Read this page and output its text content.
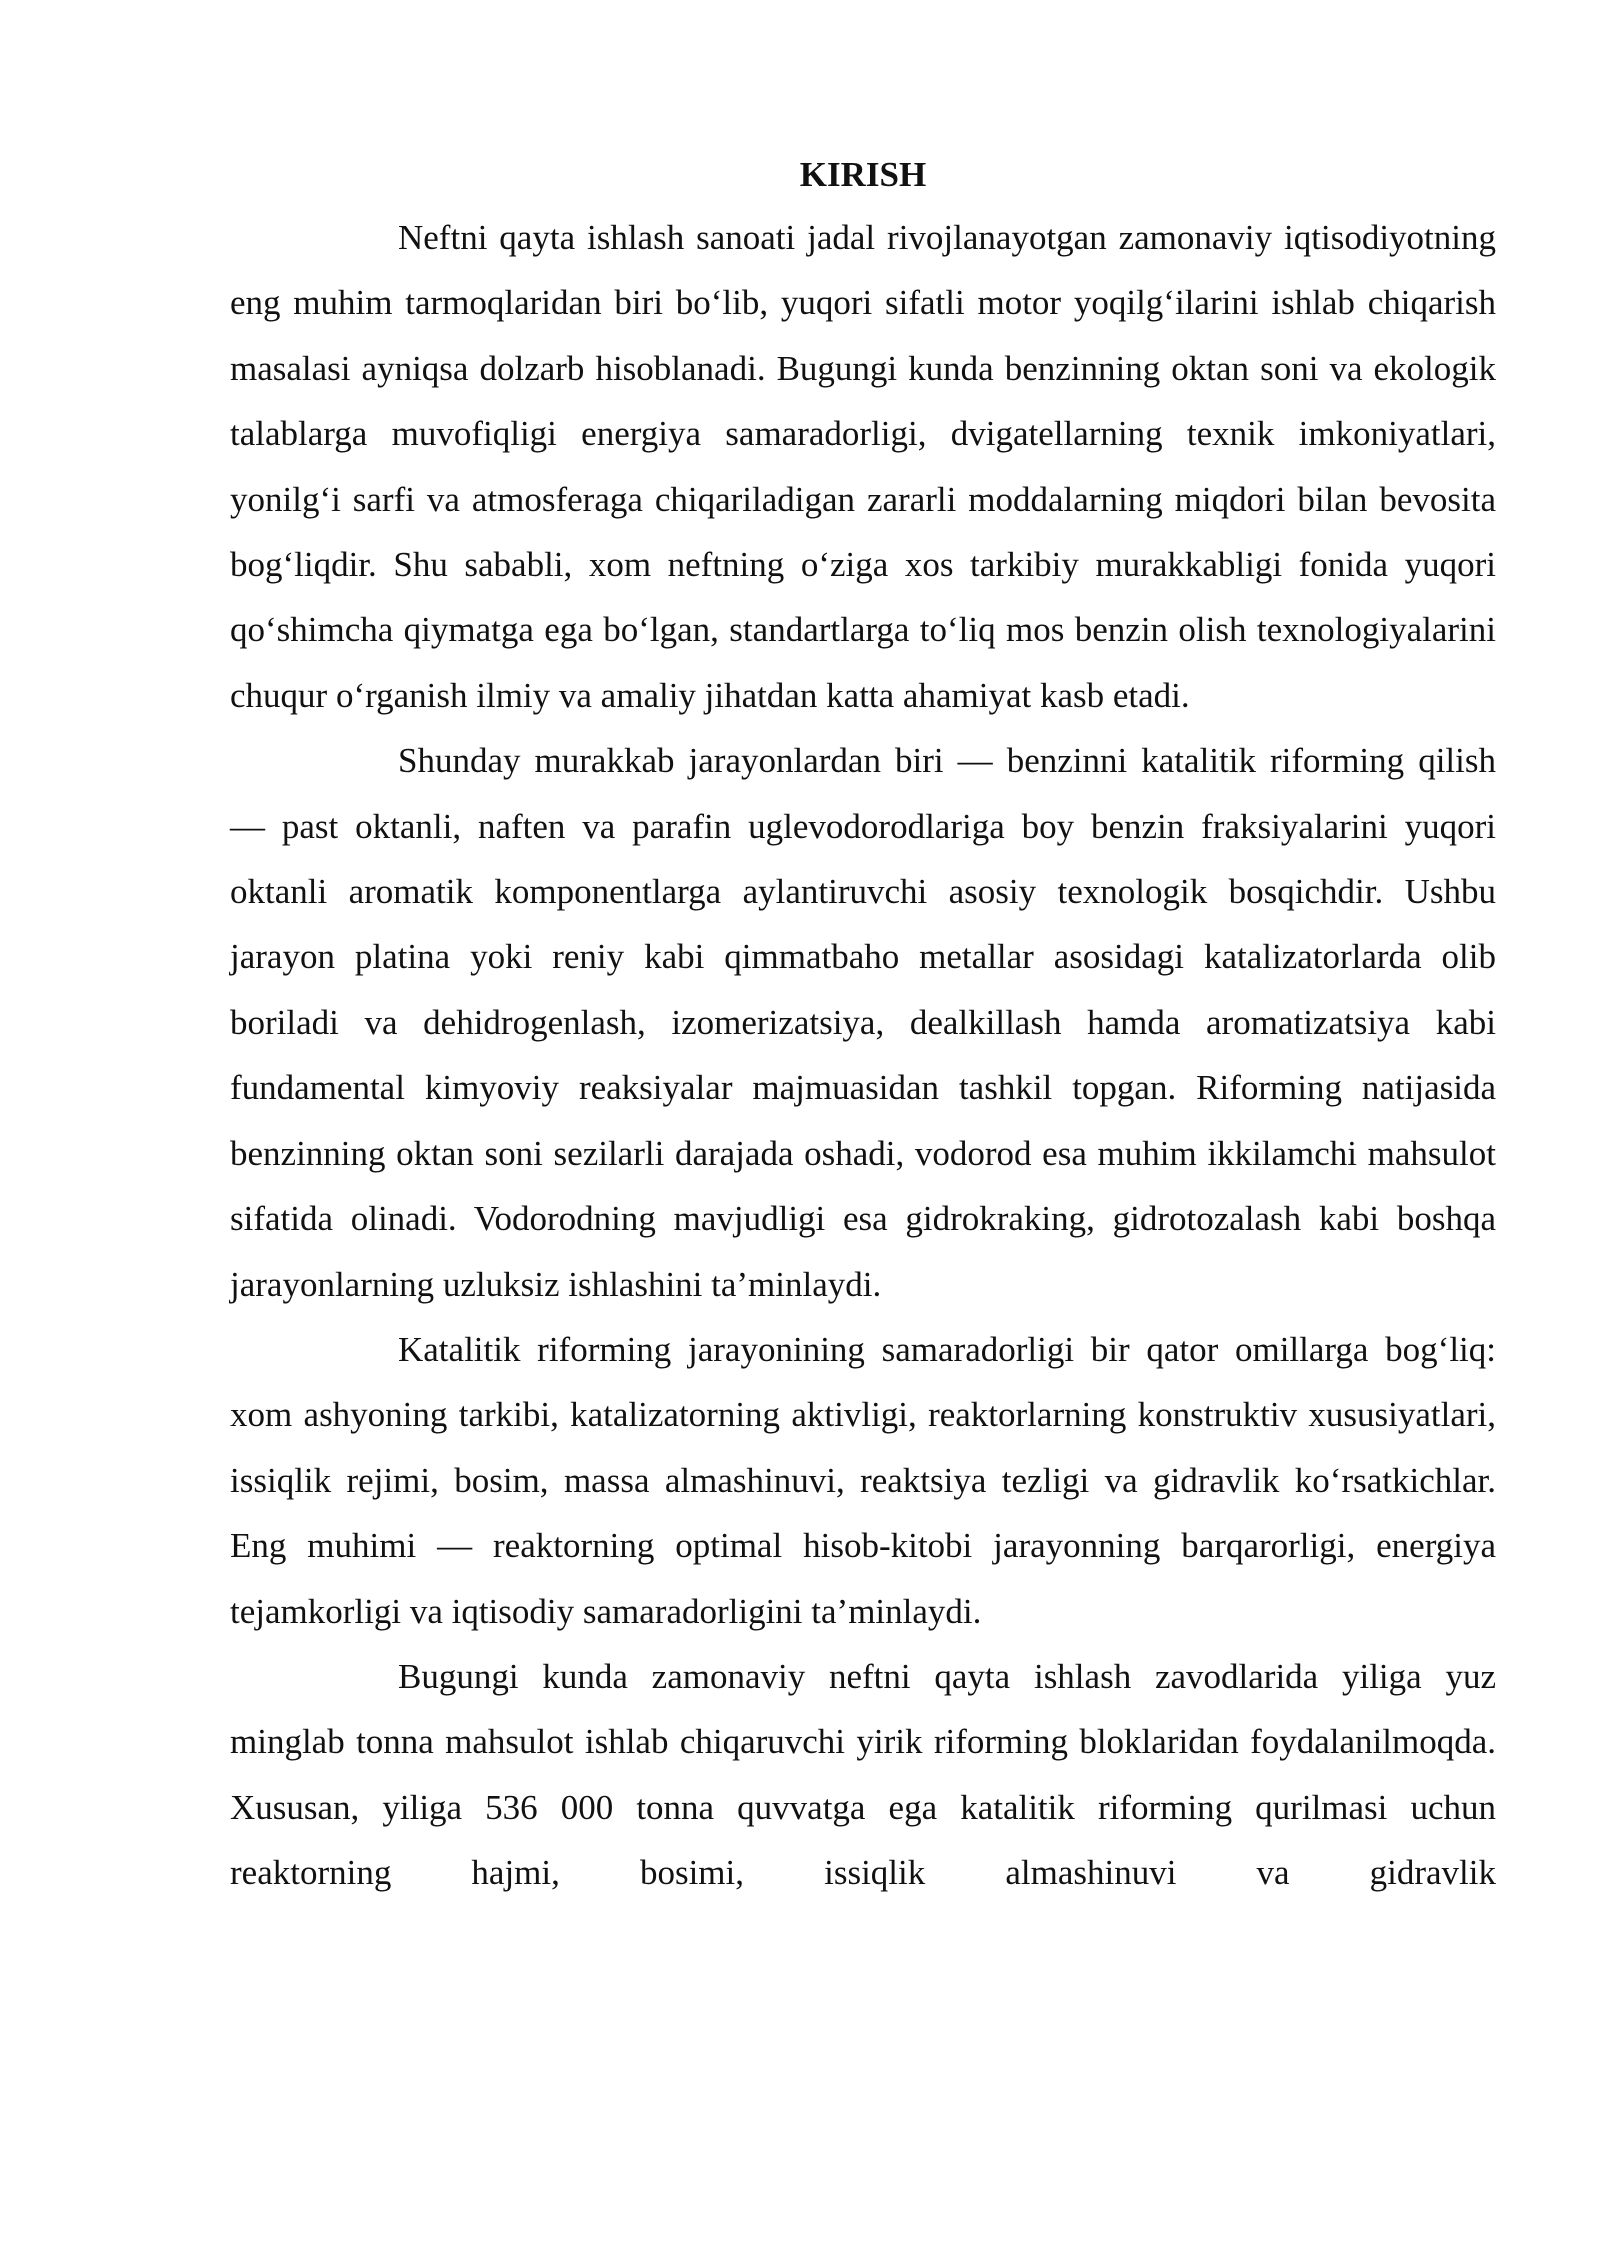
KIRISH

Neftni qayta ishlash sanoati jadal rivojlanayotgan zamonaviy iqtisodiyotning eng muhim tarmoqlaridan biri bo‘lib, yuqori sifatli motor yoqilg‘ilarini ishlab chiqarish masalasi ayniqsa dolzarb hisoblanadi. Bugungi kunda benzinning oktan soni va ekologik talablarga muvofiqligi energiya samaradorligi, dvigatellarning texnik imkoniyatlari, yonilg‘i sarfi va atmosferaga chiqariladigan zararli moddalarning miqdori bilan bevosita bog‘liqdir. Shu sababli, xom neftning o‘ziga xos tarkibiy murakkabligi fonida yuqori qo‘shimcha qiymatga ega bo‘lgan, standartlarga to‘liq mos benzin olish texnologiyalarini chuqur o‘rganish ilmiy va amaliy jihatdan katta ahamiyat kasb etadi.

Shunday murakkab jarayonlardan biri — benzinni katalitik riforming qilish — past oktanli, naften va parafin uglevodorodlariga boy benzin fraksiyalarini yuqori oktanli aromatik komponentlarga aylantiruvchi asosiy texnologik bosqichdir. Ushbu jarayon platina yoki reniy kabi qimmatbaho metallar asosidagi katalizatorlarda olib boriladi va dehidrogenlash, izomerizatsiya, dealkillash hamda aromatizatsiya kabi fundamental kimyoviy reaksiyalar majmuasidan tashkil topgan. Riforming natijasida benzinning oktan soni sezilarli darajada oshadi, vodorod esa muhim ikkilamchi mahsulot sifatida olinadi. Vodorodning mavjudligi esa gidrokraking, gidrotozalash kabi boshqa jarayonlarning uzluksiz ishlashini ta’minlaydi.

Katalitik riforming jarayonining samaradorligi bir qator omillarga bog‘liq: xom ashyoning tarkibi, katalizatorning aktivligi, reaktorlarning konstruktiv xususiyatlari, issiqlik rejimi, bosim, massa almashinuvi, reaktsiya tezligi va gidravlik ko‘rsatkichlar. Eng muhimi — reaktorning optimal hisob-kitobi jarayonning barqarorligi, energiya tejamkorligi va iqtisodiy samaradorligini ta’minlaydi.

Bugungi kunda zamonaviy neftni qayta ishlash zavodlarida yiliga yuz minglab tonna mahsulot ishlab chiqaruvchi yirik riforming bloklaridan foydalanilmoqda. Xususan, yiliga 536 000 tonna quvvatga ega katalitik riforming qurilmasi uchun reaktorning hajmi, bosimi, issiqlik almashinuvi va gidravlik
